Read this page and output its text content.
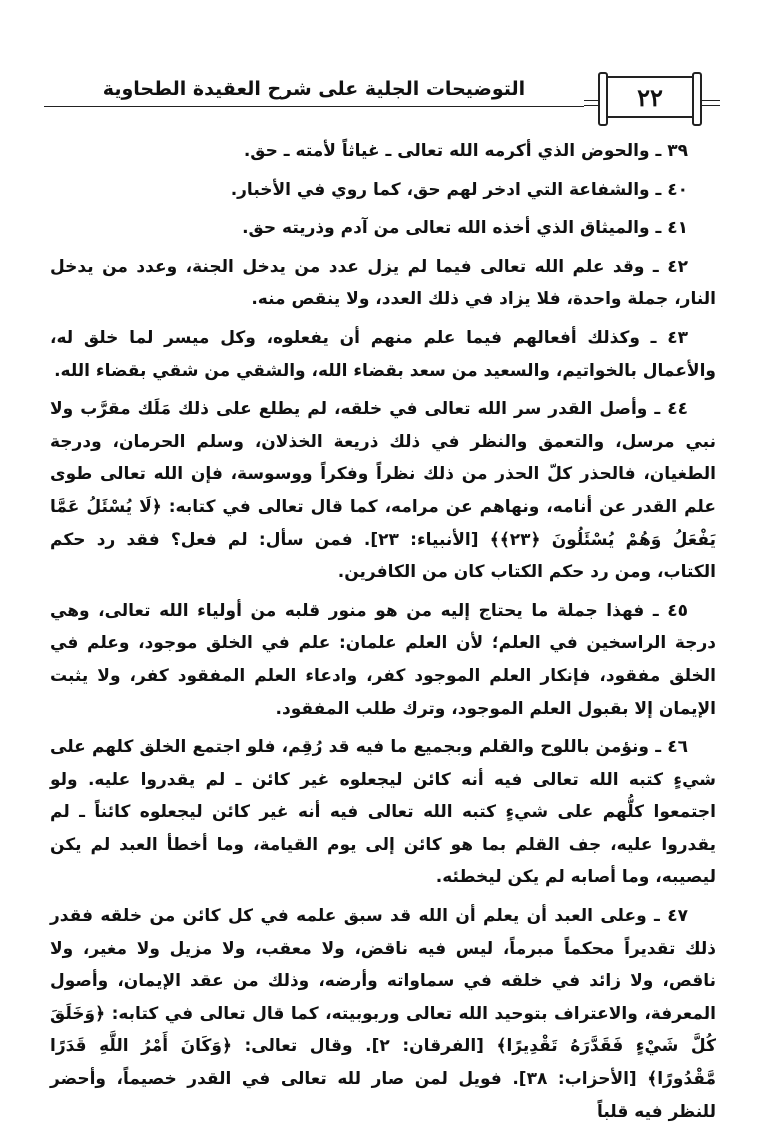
التوضيحات الجلية على شرح العقيدة الطحاوية	٢٢

٣٩ ـ والحوض الذي أكرمه الله تعالى ـ غياثاً لأمته ـ حق.

٤٠ ـ والشفاعة التي ادخر لهم حق، كما روي في الأخبار.

٤١ ـ والميثاق الذي أخذه الله تعالى من آدم وذريته حق.

٤٢ ـ وقد علم الله تعالى فيما لم يزل عدد من يدخل الجنة، وعدد من يدخل النار، جملة واحدة، فلا يزاد في ذلك العدد، ولا ينقص منه.

٤٣ ـ وكذلك أفعالهم فيما علم منهم أن يفعلوه، وكل ميسر لما خلق له، والأعمال بالخواتيم، والسعيد من سعد بقضاء الله، والشقي من شقي بقضاء الله.

٤٤ ـ وأصل القدر سر الله تعالى في خلقه، لم يطلع على ذلك مَلَك مقرَّب ولا نبي مرسل، والتعمق والنظر في ذلك ذريعة الخذلان، وسلم الحرمان، ودرجة الطغيان، فالحذر كلّ الحذر من ذلك نظراً وفكراً ووسوسة، فإن الله تعالى طوى علم القدر عن أنامه، ونهاهم عن مرامه، كما قال تعالى في كتابه: ﴿لَا يُسْئَلُ عَمَّا يَفْعَلُ وَهُمْ يُسْئَلُونَ ﴿٢٣﴾﴾ [الأنبياء: ٢٣]. فمن سأل: لم فعل؟ فقد رد حكم الكتاب، ومن رد حكم الكتاب كان من الكافرين.

٤٥ ـ فهذا جملة ما يحتاج إليه من هو منور قلبه من أولياء الله تعالى، وهي درجة الراسخين في العلم؛ لأن العلم علمان: علم في الخلق موجود، وعلم في الخلق مفقود، فإنكار العلم الموجود كفر، وادعاء العلم المفقود كفر، ولا يثبت الإيمان إلا بقبول العلم الموجود، وترك طلب المفقود.

٤٦ ـ ونؤمن باللوح والقلم وبجميع ما فيه قد رُقِم، فلو اجتمع الخلق كلهم على شيءٍ كتبه الله تعالى فيه أنه كائن ليجعلوه غير كائن ـ لم يقدروا عليه. ولو اجتمعوا كلُّهم على شيءٍ كتبه الله تعالى فيه أنه غير كائن ليجعلوه كائناً ـ لم يقدروا عليه، جف القلم بما هو كائن إلى يوم القيامة، وما أخطأ العبد لم يكن ليصيبه، وما أصابه لم يكن ليخطئه.

٤٧ ـ وعلى العبد أن يعلم أن الله قد سبق علمه في كل كائن من خلقه فقدر ذلك تقديراً محكماً مبرماً، ليس فيه ناقض، ولا معقب، ولا مزيل ولا مغير، ولا ناقص، ولا زائد في خلقه في سماواته وأرضه، وذلك من عقد الإيمان، وأصول المعرفة، والاعتراف بتوحيد الله تعالى وربوبيته، كما قال تعالى في كتابه: ﴿وَخَلَقَ كُلَّ شَيْءٍ فَقَدَّرَهُ تَقْدِيرًا﴾ [الفرقان: ٢]. وقال تعالى: ﴿وَكَانَ أَمْرُ اللَّهِ قَدَرًا مَّقْدُورًا﴾ [الأحزاب: ٣٨]. فويل لمن صار لله تعالى في القدر خصيماً، وأحضر للنظر فيه قلباً
